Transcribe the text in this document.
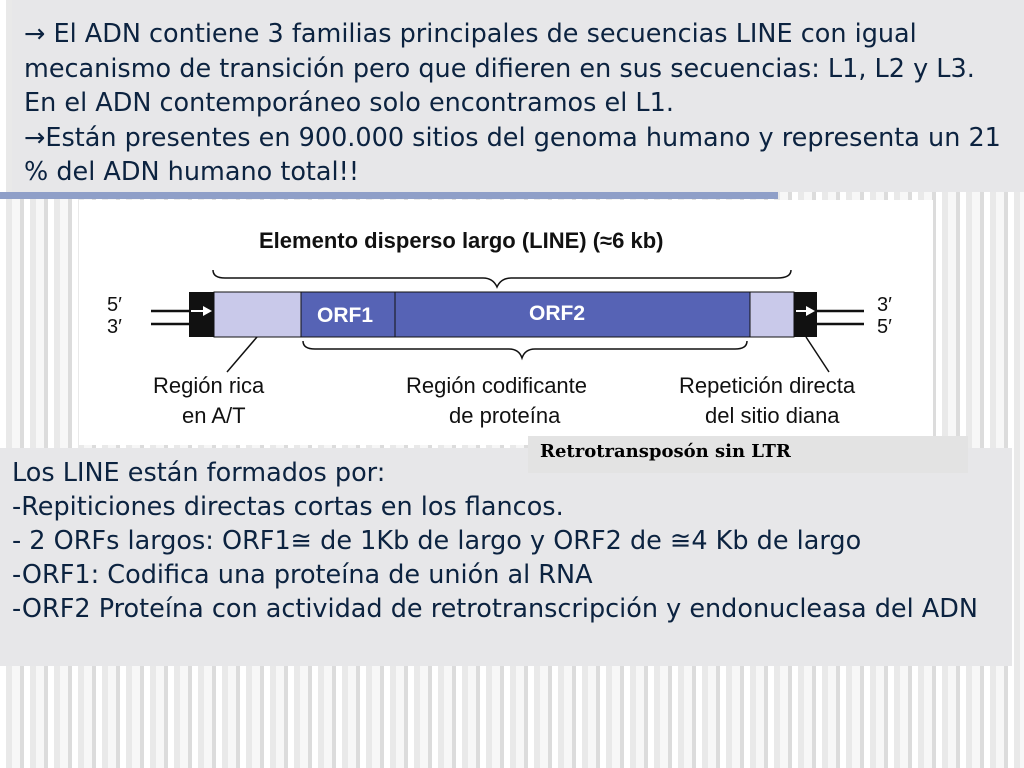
→ El ADN contiene 3 familias principales de secuencias LINE con igual mecanismo de transición pero que difieren en sus secuencias: L1, L2 y L3. En el ADN contemporáneo solo encontramos el L1.

→Están presentes en 900.000 sitios del genoma humano y representa un 21 % del ADN humano total!!

Elemento disperso largo (LINE) (≈6 kb)
5′
3′
3′
5′
ORF1	ORF2
Región rica
en A/T
Región codificante
de proteína
Repetición directa
del sitio diana
Retrotransposón sin LTR
Los LINE están formados por:
-Repiticiones directas cortas en los flancos.
- 2 ORFs largos: ORF1≅ de 1Kb de largo y ORF2 de ≅4 Kb de largo
-ORF1: Codifica una proteína de unión al RNA
-ORF2 Proteína con actividad de retrotranscripción y endonucleasa del ADN
